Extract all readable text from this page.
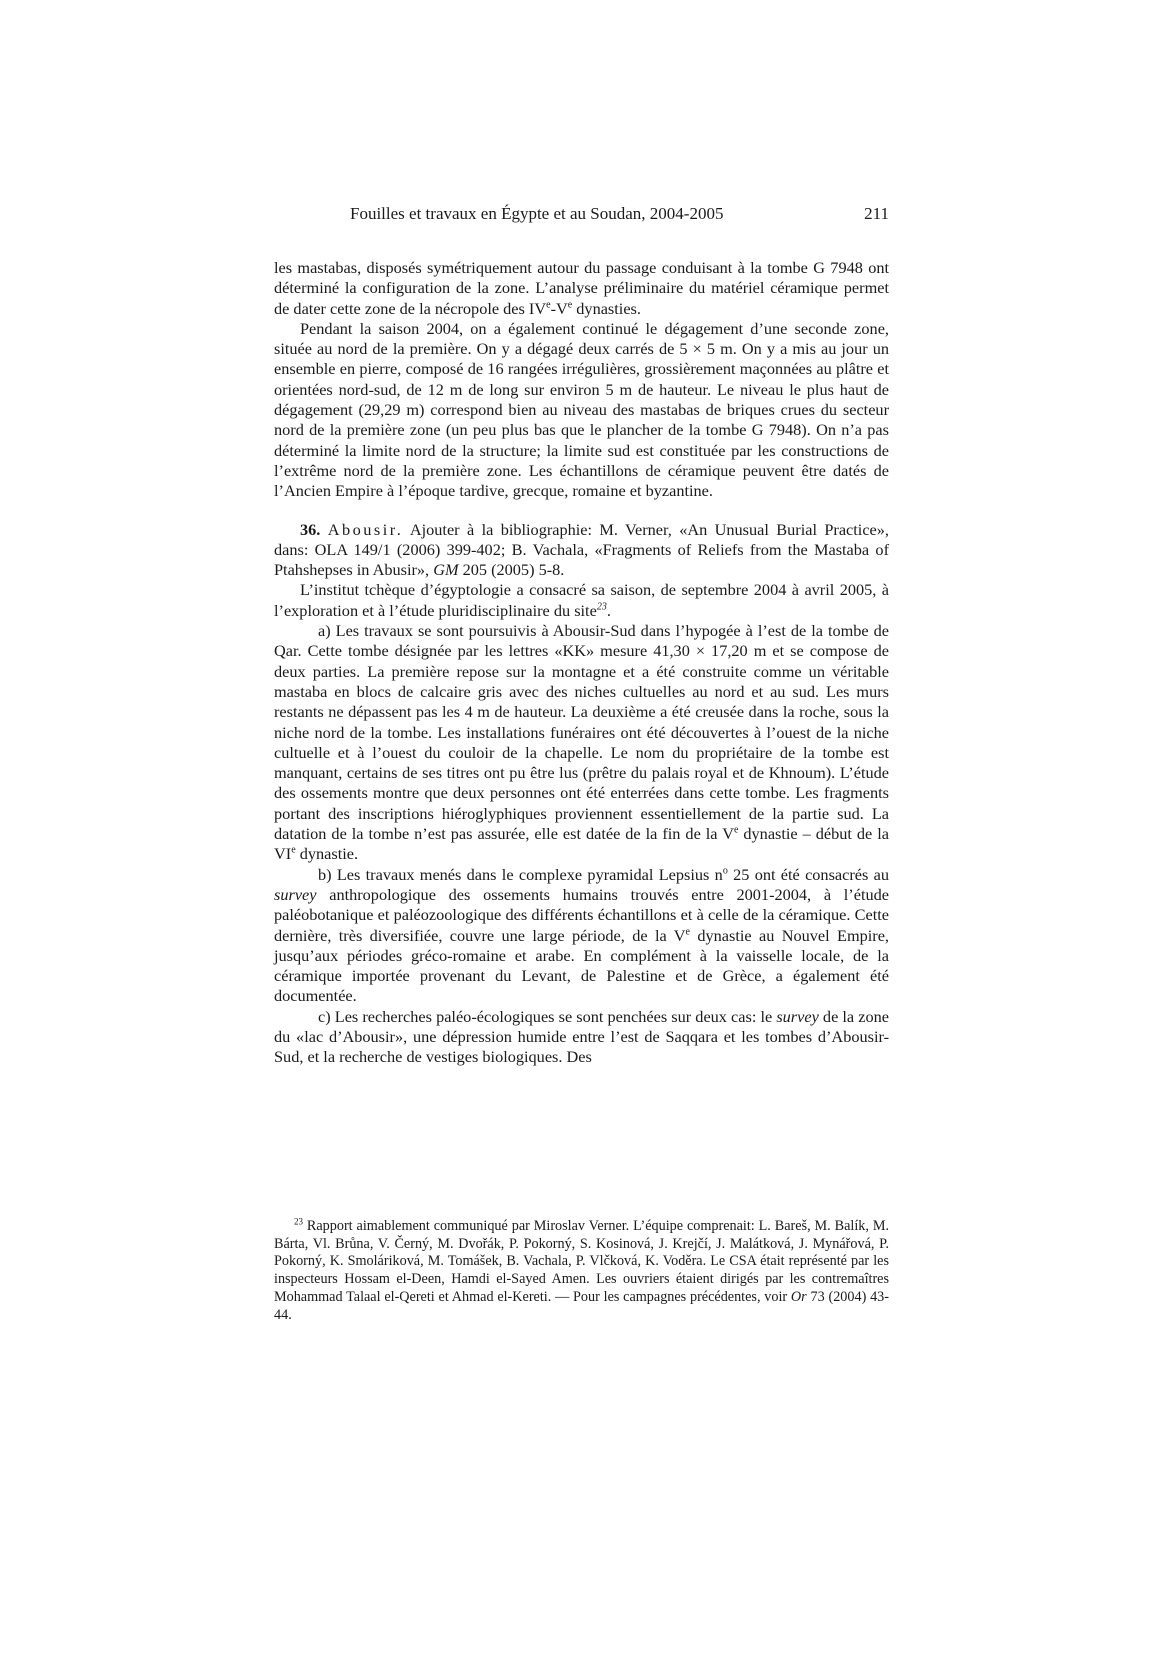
Fouilles et travaux en Égypte et au Soudan, 2004-2005	211

les mastabas, disposés symétriquement autour du passage conduisant à la tombe G 7948 ont déterminé la configuration de la zone. L’analyse préliminaire du matériel céramique permet de dater cette zone de la nécropole des IVe-Ve dynasties.

Pendant la saison 2004, on a également continué le dégagement d’une seconde zone, située au nord de la première. On y a dégagé deux carrés de 5 × 5 m. On y a mis au jour un ensemble en pierre, composé de 16 rangées irrégulières, grossièrement maçonnées au plâtre et orientées nord-sud, de 12 m de long sur environ 5 m de hauteur. Le niveau le plus haut de dégagement (29,29 m) correspond bien au niveau des mastabas de briques crues du secteur nord de la première zone (un peu plus bas que le plancher de la tombe G 7948). On n’a pas déterminé la limite nord de la structure; la limite sud est constituée par les constructions de l’extrême nord de la première zone. Les échantillons de céramique peuvent être datés de l’Ancien Empire à l’époque tardive, grecque, romaine et byzantine.

36. Abousir. Ajouter à la bibliographie: M. Verner, «An Unusual Burial Practice», dans: OLA 149/1 (2006) 399-402; B. Vachala, «Fragments of Reliefs from the Mastaba of Ptahshepses in Abusir», GM 205 (2005) 5-8.

L’institut tchèque d’égyptologie a consacré sa saison, de septembre 2004 à avril 2005, à l’exploration et à l’étude pluridisciplinaire du site$^{23}$.

a) Les travaux se sont poursuivis à Abousir-Sud dans l’hypogée à l’est de la tombe de Qar. Cette tombe désignée par les lettres «KK» mesure 41,30 × 17,20 m et se compose de deux parties. La première repose sur la montagne et a été construite comme un véritable mastaba en blocs de calcaire gris avec des niches cultuelles au nord et au sud. Les murs restants ne dépassent pas les 4 m de hauteur. La deuxième a été creusée dans la roche, sous la niche nord de la tombe. Les installations funéraires ont été découvertes à l’ouest de la niche cultuelle et à l’ouest du couloir de la chapelle. Le nom du propriétaire de la tombe est manquant, certains de ses titres ont pu être lus (prêtre du palais royal et de Khnoum). L’étude des ossements montre que deux personnes ont été enterrées dans cette tombe. Les fragments portant des inscriptions hiéroglyphiques proviennent essentiellement de la partie sud. La datation de la tombe n’est pas assurée, elle est datée de la fin de la Ve dynastie – début de la VIe dynastie.

b) Les travaux menés dans le complexe pyramidal Lepsius $n^o$ 25 ont été consacrés au survey anthropologique des ossements humains trouvés entre 2001-2004, à l’étude paléobotanique et paléozoologique des différents échantillons et à celle de la céramique. Cette dernière, très diversifiée, couvre une large période, de la Ve dynastie au Nouvel Empire, jusqu’aux périodes gréco-romaine et arabe. En complément à la vaisselle locale, de la céramique importée provenant du Levant, de Palestine et de Grèce, a également été documentée.

c) Les recherches paléo-écologiques se sont penchées sur deux cas: le survey de la zone du «lac d’Abousir», une dépression humide entre l’est de Saqqara et les tombes d’Abousir-Sud, et la recherche de vestiges biologiques. Des

$^{23}$ Rapport aimablement communiqué par Miroslav Verner. L’équipe comprenait: L. Bareš, M. Balík, M. Bárta, Vl. Brůna, V. Černý, M. Dvořák, P. Pokorný, S. Kosinová, J. Krejčí, J. Malátková, J. Mynářová, P. Pokorný, K. Smoláriková, M. Tomášek, B. Vachala, P. Vlčková, K. Voděra. Le CSA était représenté par les inspecteurs Hossam el-Deen, Hamdi el-Sayed Amen. Les ouvriers étaient dirigés par les contremaîtres Mohammad Talaal el-Qereti et Ahmad el-Kereti. — Pour les campagnes précédentes, voir Or 73 (2004) 43-44.
